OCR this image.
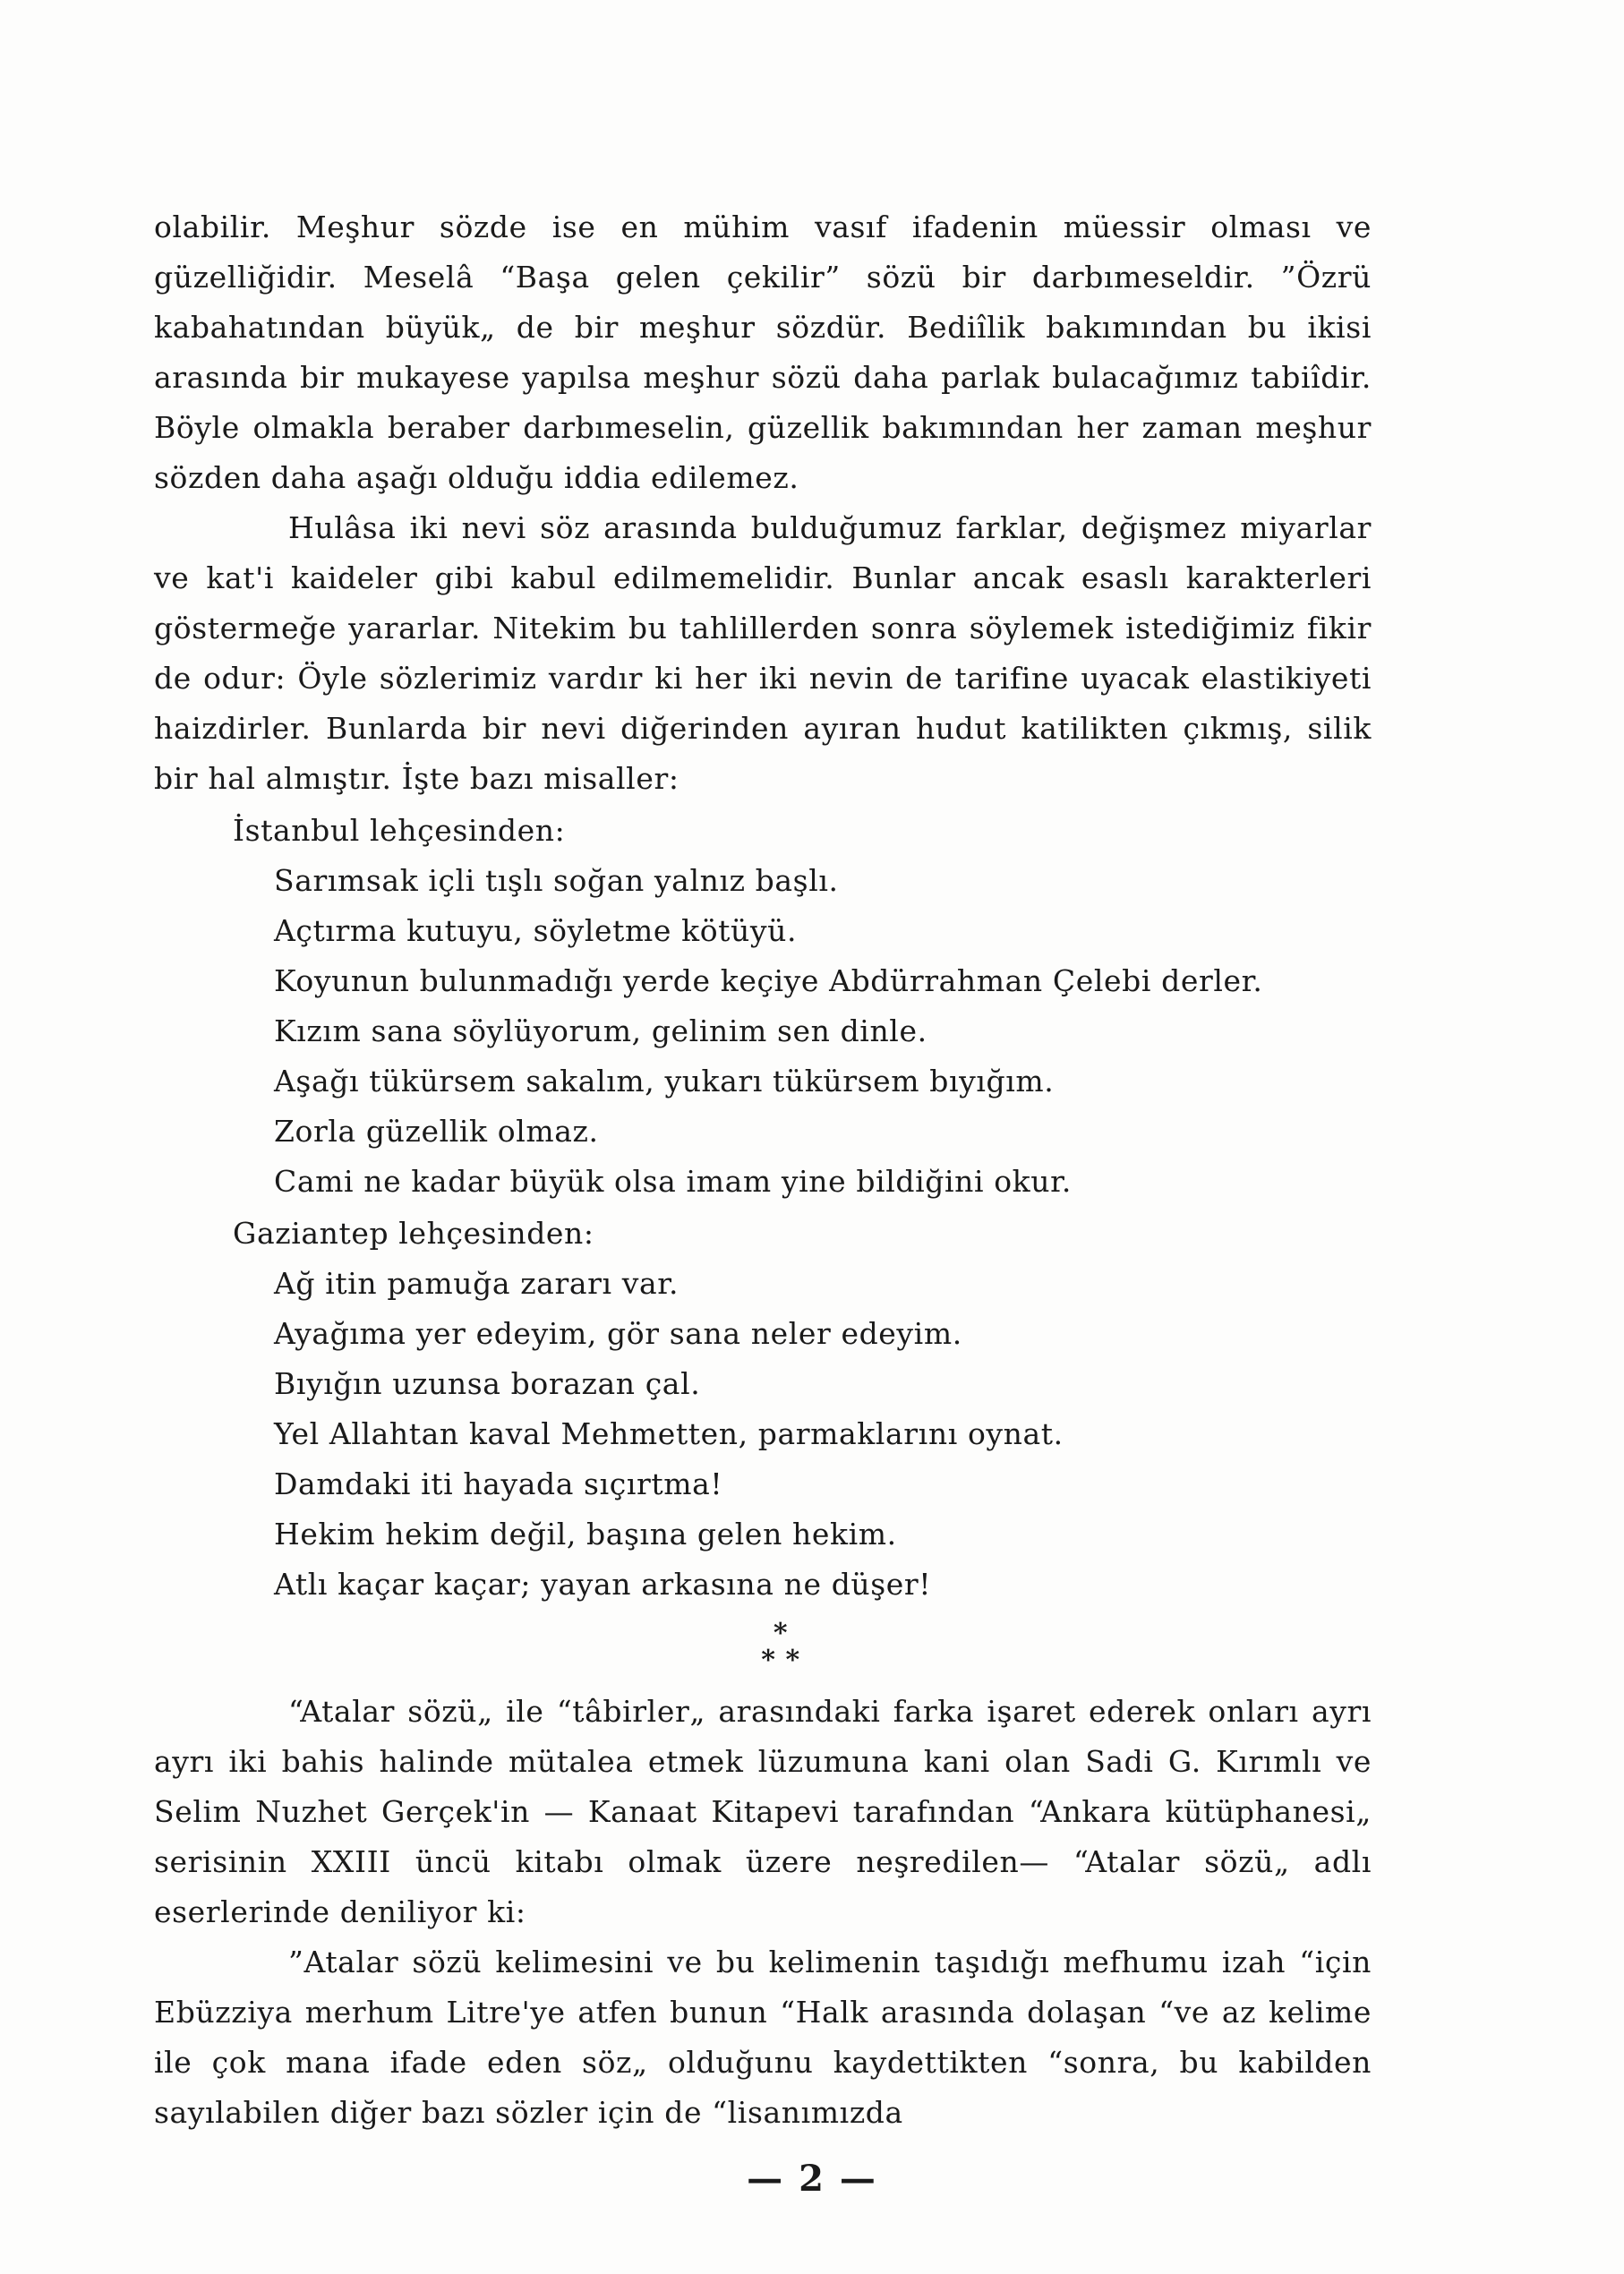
olabilir. Meşhur sözde ise en mühim vasıf ifadenin müessir olması ve güzelliğidir. Meselâ “Başa gelen çekilir” sözü bir darbımeseldir. ”Özrü kabahatından büyük„ de bir meşhur sözdür. Bediîlik bakımından bu ikisi arasında bir mukayese yapılsa meşhur sözü daha parlak bulacağımız tabiîdir. Böyle olmakla beraber darbımeselin, güzellik bakımından her zaman meşhur sözden daha aşağı olduğu iddia edilemez.

Hulâsa iki nevi söz arasında bulduğumuz farklar, değişmez miyarlar ve kat'i kaideler gibi kabul edilmemelidir. Bunlar ancak esaslı karakterleri göstermeğe yararlar. Nitekim bu tahlillerden sonra söylemek istediğimiz fikir de odur: Öyle sözlerimiz vardır ki her iki nevin de tarifine uyacak elastikiyeti haizdirler. Bunlarda bir nevi diğerinden ayıran hudut katilikten çıkmış, silik bir hal almıştır. İşte bazı misaller:

İstanbul lehçesinden:

Sarımsak içli tışlı soğan yalnız başlı.
Açtırma kutuyu, söyletme kötüyü.
Koyunun bulunmadığı yerde keçiye Abdürrahman Çelebi derler.
Kızım sana söylüyorum, gelinim sen dinle.
Aşağı tükürsem sakalım, yukarı tükürsem bıyığım.
Zorla güzellik olmaz.
Cami ne kadar büyük olsa imam yine bildiğini okur.

Gaziantep lehçesinden:

Ağ itin pamuğa zararı var.
Ayağıma yer edeyim, gör sana neler edeyim.
Bıyığın uzunsa borazan çal.
Yel Allahtan kaval Mehmetten, parmaklarını oynat.
Damdaki iti hayada sıçırtma!
Hekim hekim değil, başına gelen hekim.
Atlı kaçar kaçar; yayan arkasına ne düşer!
*
* *

“Atalar sözü„ ile “tâbirler„ arasındaki farka işaret ederek onları ayrı ayrı iki bahis halinde mütalea etmek lüzumuna kani olan Sadi G. Kırımlı ve Selim Nuzhet Gerçek'in — Kanaat Kitapevi tarafından “Ankara kütüphanesi„ serisinin XXIII üncü kitabı olmak üzere neşredilen— “Atalar sözü„ adlı eserlerinde deniliyor ki:

”Atalar sözü kelimesini ve bu kelimenin taşıdığı mefhumu izah “için Ebüzziya merhum Litre'ye atfen bunun “Halk arasında dolaşan “ve az kelime ile çok mana ifade eden söz„ olduğunu kaydettikten “sonra, bu kabilden sayılabilen diğer bazı sözler için de “lisanımızda

— 2 —
